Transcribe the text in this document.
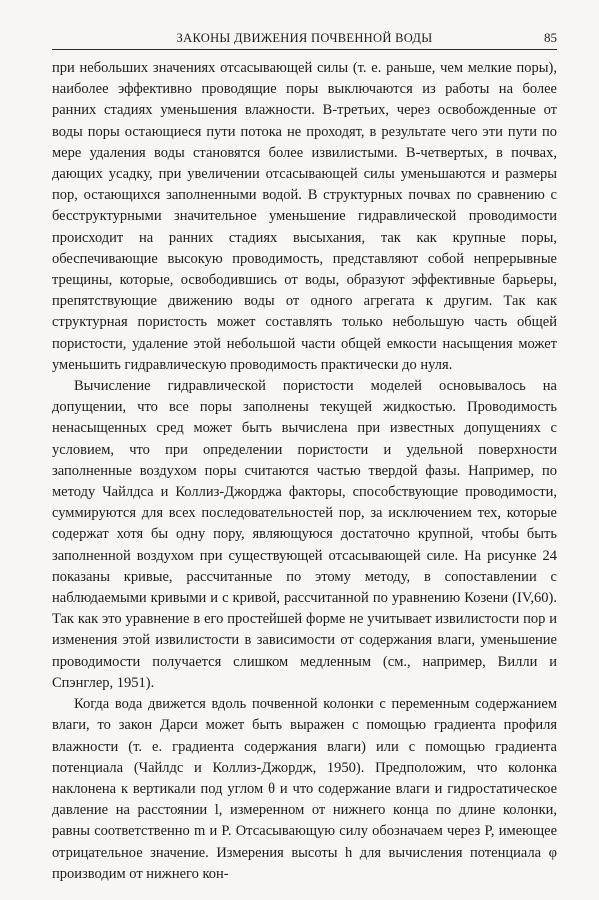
ЗАКОНЫ ДВИЖЕНИЯ ПОЧВЕННОЙ ВОДЫ	85

при небольших значениях отсасывающей силы (т. е. раньше, чем мелкие поры), наиболее эффективно проводящие поры выключаются из работы на более ранних стадиях уменьшения влажности. В-третьих, через освобожденные от воды поры остающиеся пути потока не проходят, в результате чего эти пути по мере удаления воды становятся более извилистыми. В-четвертых, в почвах, дающих усадку, при увеличении отсасывающей силы уменьшаются и размеры пор, остающихся заполненными водой. В структурных почвах по сравнению с бесструктурными значительное уменьшение гидравлической проводимости происходит на ранних стадиях высыхания, так как крупные поры, обеспечивающие высокую проводимость, представляют собой непрерывные трещины, которые, освободившись от воды, образуют эффективные барьеры, препятствующие движению воды от одного агрегата к другим. Так как структурная пористость может составлять только небольшую часть общей пористости, удаление этой небольшой части общей емкости насыщения может уменьшить гидравлическую проводимость практически до нуля.

Вычисление гидравлической пористости моделей основывалось на допущении, что все поры заполнены текущей жидкостью. Проводимость ненасыщенных сред может быть вычислена при известных допущениях с условием, что при определении пористости и удельной поверхности заполненные воздухом поры считаются частью твердой фазы. Например, по методу Чайлдса и Коллиз-Джорджа факторы, способствующие проводимости, суммируются для всех последовательностей пор, за исключением тех, которые содержат хотя бы одну пору, являющуюся достаточно крупной, чтобы быть заполненной воздухом при существующей отсасывающей силе. На рисунке 24 показаны кривые, рассчитанные по этому методу, в сопоставлении с наблюдаемыми кривыми и с кривой, рассчитанной по уравнению Козени (IV,60). Так как это уравнение в его простейшей форме не учитывает извилистости пор и изменения этой извилистости в зависимости от содержания влаги, уменьшение проводимости получается слишком медленным (см., например, Вилли и Спэнглер, 1951).

Когда вода движется вдоль почвенной колонки с переменным содержанием влаги, то закон Дарси может быть выражен с помощью градиента профиля влажности (т. е. градиента содержания влаги) или с помощью градиента потенциала (Чайлдс и Коллиз-Джордж, 1950). Предположим, что колонка наклонена к вертикали под углом θ и что содержание влаги и гидростатическое давление на расстоянии l, измеренном от нижнего конца по длине колонки, равны соответственно m и P. Отсасывающую силу обозначаем через P, имеющее отрицательное значение. Измерения высоты h для вычисления потенциала φ производим от нижнего кон-
